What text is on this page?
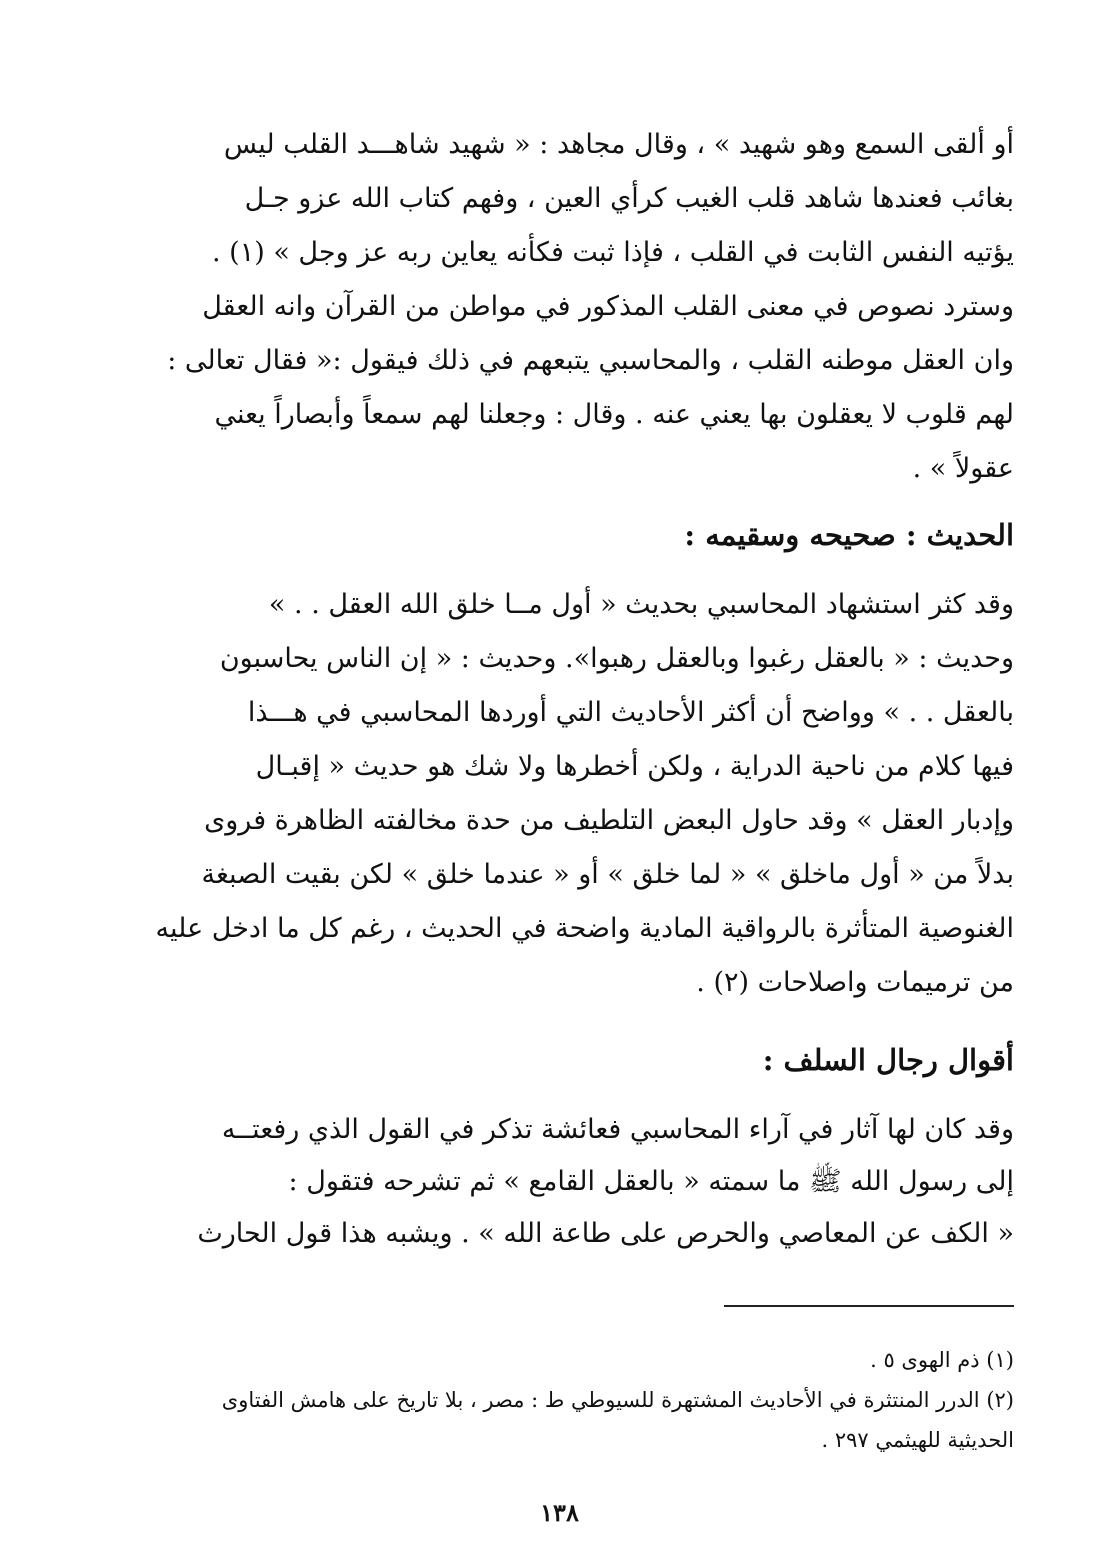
أو ألقى السمع وهو شهيد » ، وقال مجاهد : « شهيد شاهـــد القلب ليس
بغائب فعندها شاهد قلب الغيب كرأي العين ، وفهم كتاب الله عزو جـل
يؤتيه النفس الثابت في القلب ، فإذا ثبت فكأنه يعاين ربه عز وجل » (١) .
وسترد نصوص في معنى القلب المذكور في مواطن من القرآن وانه العقل
وان العقل موطنه القلب ، والمحاسبي يتبعهم في ذلك فيقول :« فقال تعالى :
لهم قلوب لا يعقلون بها يعني عنه . وقال : وجعلنا لهم سمعاً وأبصاراً يعني
عقولاً » .
الحديث : صحيحه وسقيمه :
وقد كثر استشهاد المحاسبي بحديث « أول مــا خلق الله العقل . . »
وحديث : « بالعقل رغبوا وبالعقل رهبوا». وحديث : « إن الناس يحاسبون
بالعقل . . » وواضح أن أكثر الأحاديث التي أوردها المحاسبي في هـــذا
فيها كلام من ناحية الدراية ، ولكن أخطرها ولا شك هو حديث « إقبـال
وإدبار العقل » وقد حاول البعض التلطيف من حدة مخالفته الظاهرة فروى
بدلاً من « أول ماخلق » « لما خلق » أو « عندما خلق » لكن بقيت الصبغة
الغنوصية المتأثرة بالرواقية المادية واضحة في الحديث ، رغم كل ما ادخل عليه
من ترميمات واصلاحات (٢) .
أقوال رجال السلف :
وقد كان لها آثار في آراء المحاسبي فعائشة تذكر في القول الذي رفعتــه
إلى رسول الله ﷺ ما سمته « بالعقل القامع » ثم تشرحه فتقول :
« الكف عن المعاصي والحرص على طاعة الله » . ويشبه هذا قول الحارث
(١) ذم الهوى ٥ .
(٢) الدرر المنتثرة في الأحاديث المشتهرة للسيوطي ط : مصر ، بلا تاريخ على هامش الفتاوى
الحديثية للهيثمي ٢٩٧ .
١٣٨
